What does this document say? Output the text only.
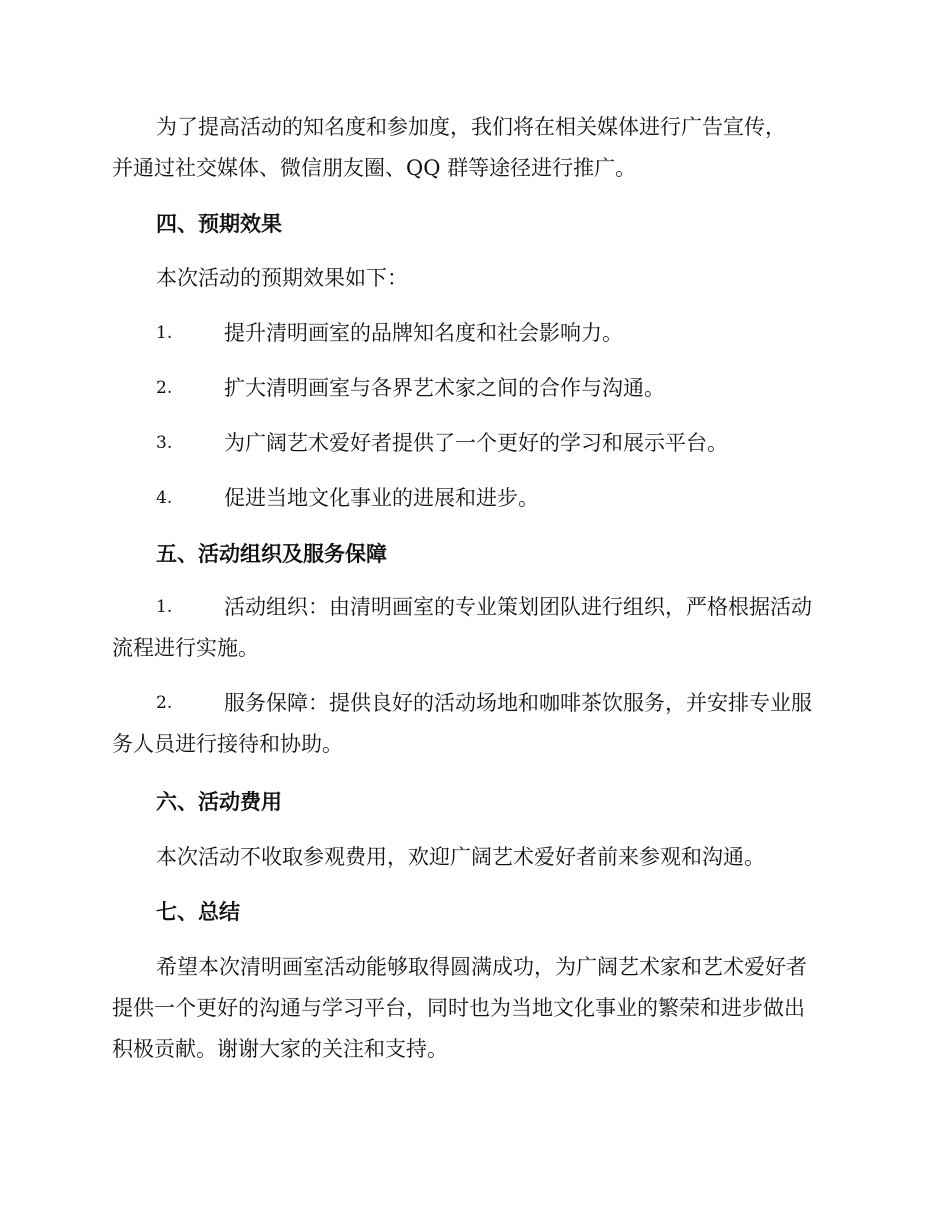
为了提高活动的知名度和参加度，我们将在相关媒体进行广告宣传，
并通过社交媒体、微信朋友圈、QQ 群等途径进行推广。
四、预期效果
本次活动的预期效果如下：
1. 提升清明画室的品牌知名度和社会影响力。
2. 扩大清明画室与各界艺术家之间的合作与沟通。
3. 为广阔艺术爱好者提供了一个更好的学习和展示平台。
4. 促进当地文化事业的进展和进步。
五、活动组织及服务保障
1. 活动组织：由清明画室的专业策划团队进行组织，严格根据活动
流程进行实施。
2. 服务保障：提供良好的活动场地和咖啡茶饮服务，并安排专业服
务人员进行接待和协助。
六、活动费用
本次活动不收取参观费用，欢迎广阔艺术爱好者前来参观和沟通。
七、总结
希望本次清明画室活动能够取得圆满成功，为广阔艺术家和艺术爱好者
提供一个更好的沟通与学习平台，同时也为当地文化事业的繁荣和进步做出
积极贡献。谢谢大家的关注和支持。
